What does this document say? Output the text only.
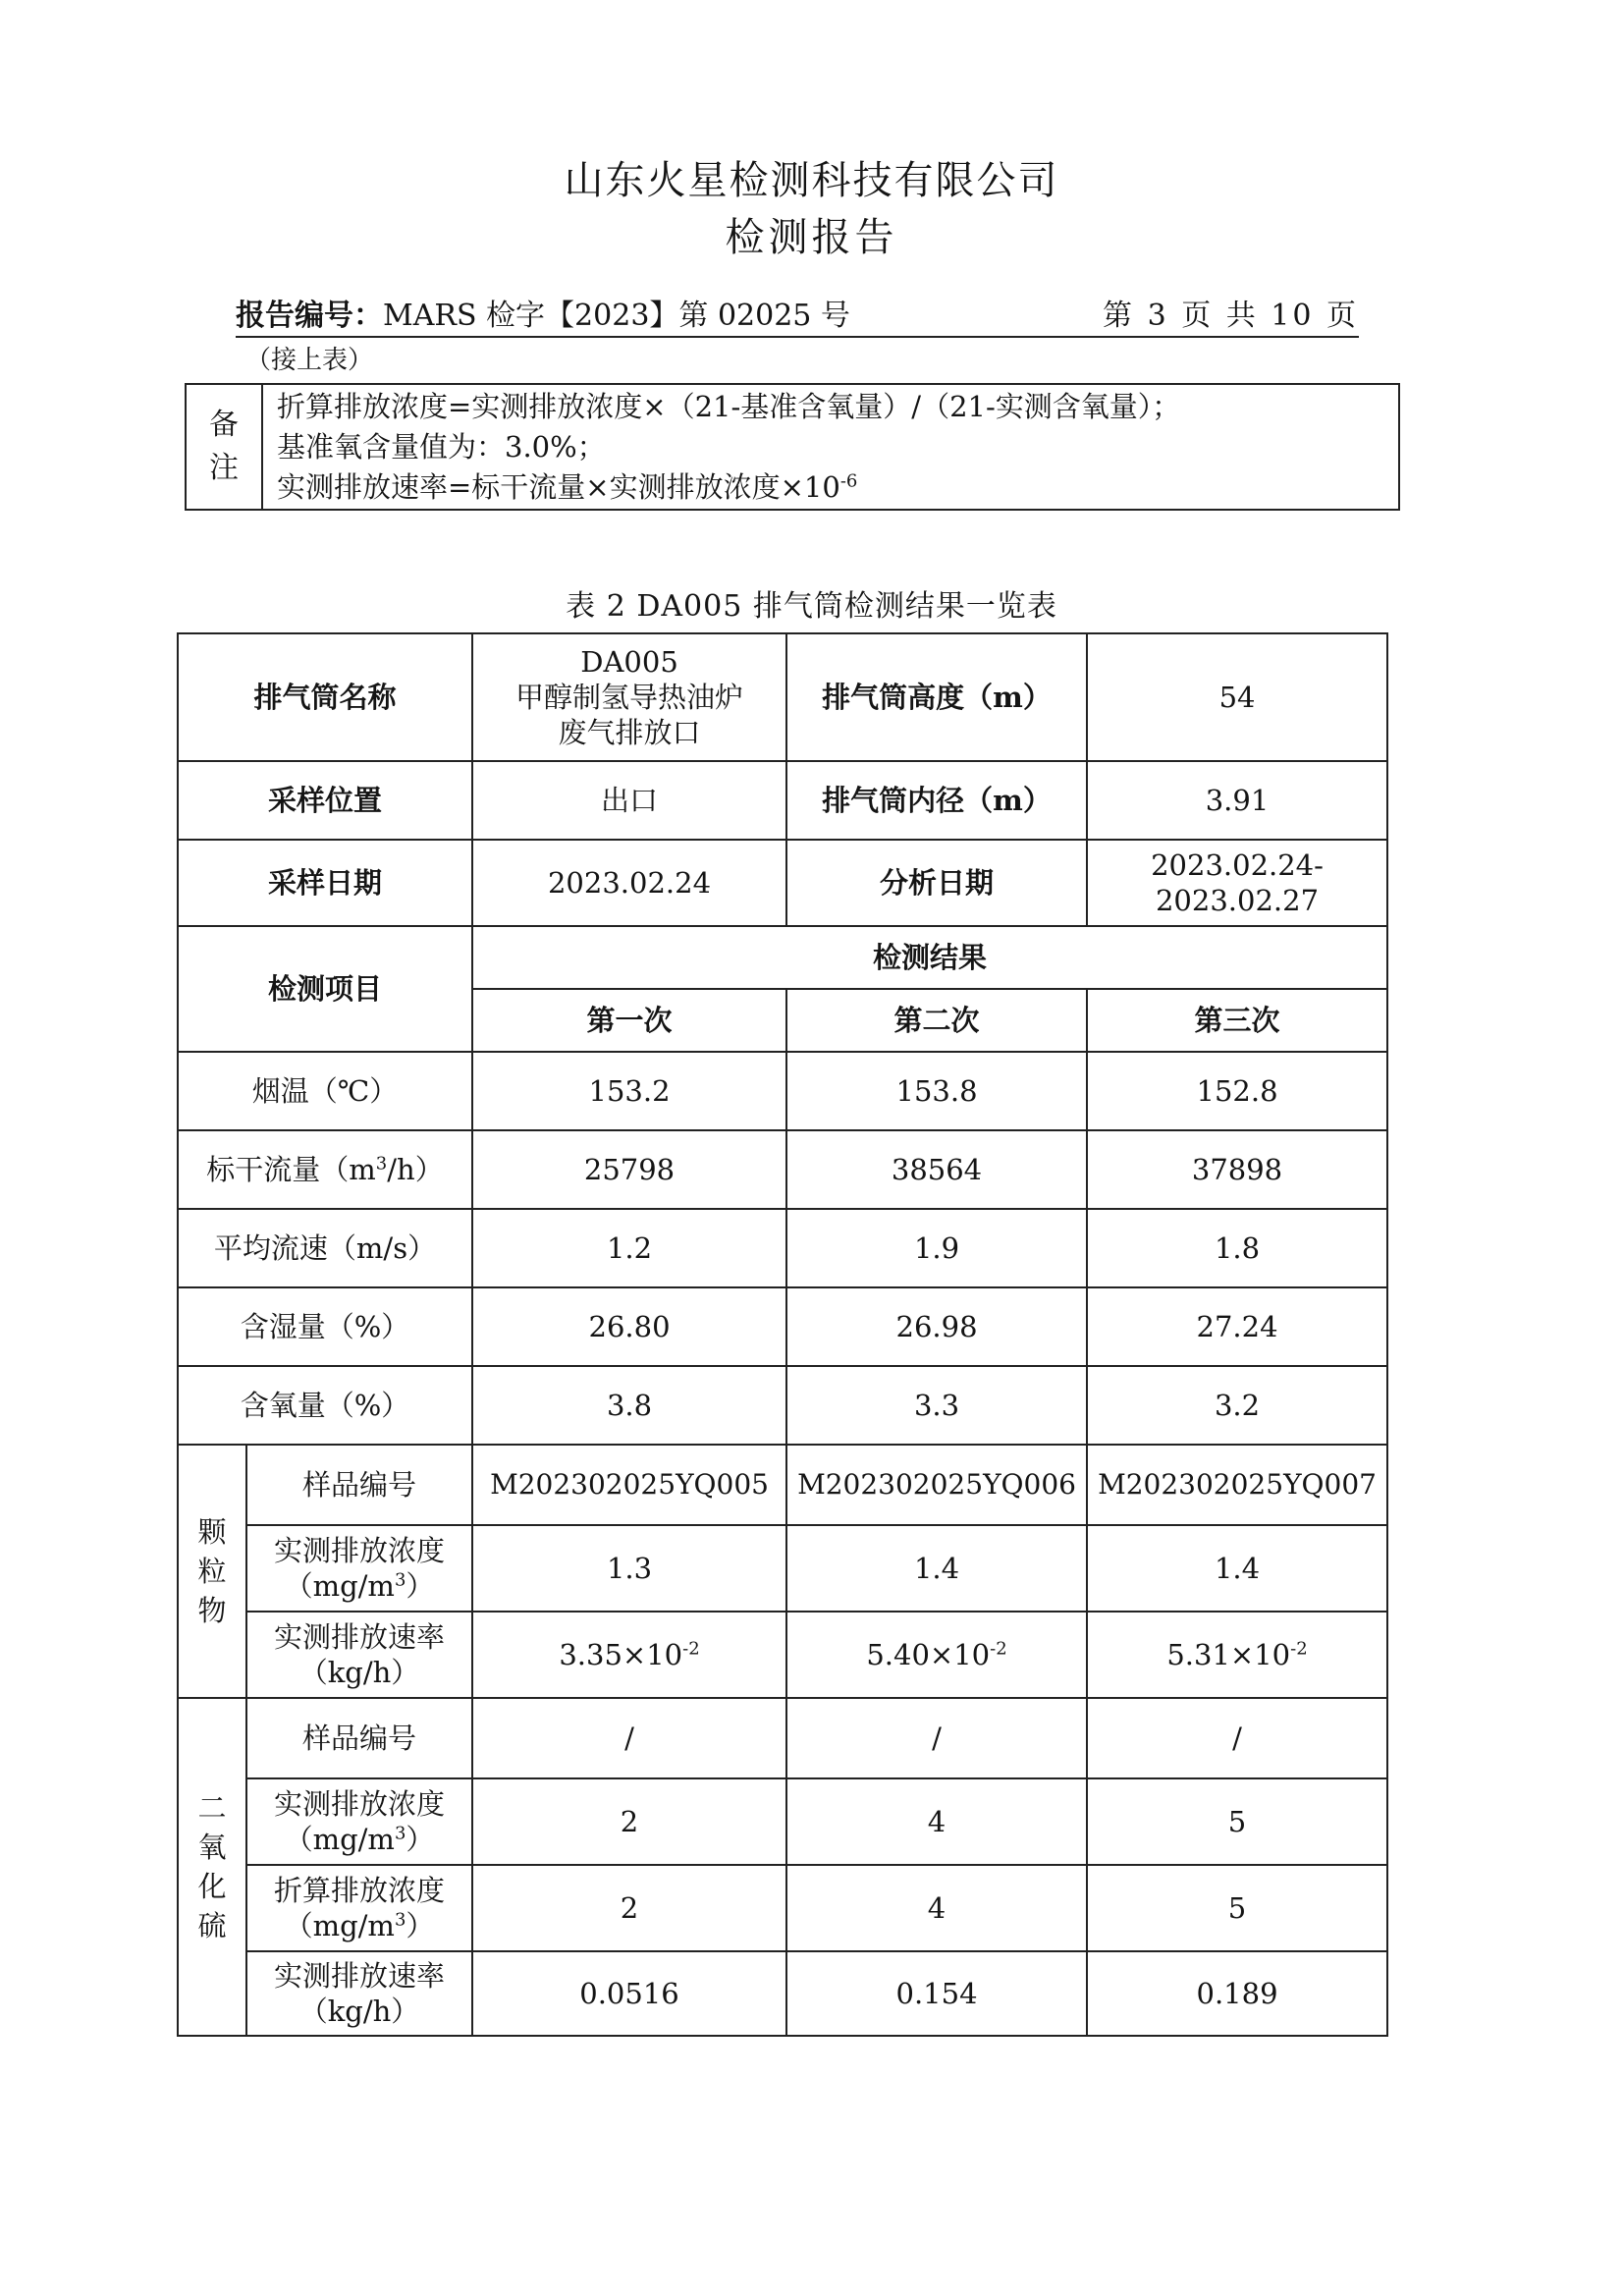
山东火星检测科技有限公司
检测报告
报告编号：MARS 检字【2023】第 02025 号	第 3 页 共 10 页
（接上表）
备
注
折算排放浓度=实测排放浓度×（21-基准含氧量）/（21-实测含氧量）；
基准氧含量值为：3.0%；
实测排放速率=标干流量×实测排放浓度$\times 10^{-6}$
表 2 DA005 排气筒检测结果一览表
排气筒名称		DA005
甲醇制氢导热油炉
废气排放口	排气筒高度（m）	54
采样位置		出口	排气筒内径（m）	3.91
采样日期		2023.02.24	分析日期	2023.02.24-
2023.02.27

检测项目		检测结果		
		第一次	第二次	第三次
烟温（℃）		153.2	153.8	152.8
标干流量$(m^3/h)$		25798	38564	37898
平均流速（m/s）		1.2	1.9	1.8
含湿量（%）		26.80	26.98	27.24
含氧量（%）		3.8	3.3	3.2

颗
粒
物	样品编号	M202302025YQ005	M202302025YQ006	M202302025YQ007

	实测排放浓度
$(mg/m^3)$	1.3	1.4	1.4

	实测排放速率
（kg/h）	$3.35\times 10^{-2}$	$5.40\times 10^{-2}$	$5.31\times 10^{-2}$

二
氧
化
硫	样品编号	/	/	/

	实测排放浓度
$(mg/m^3)$	2	4	5

	折算排放浓度
$(mg/m^3)$	2	4	5

	实测排放速率
（kg/h）	0.0516	0.154	0.189
